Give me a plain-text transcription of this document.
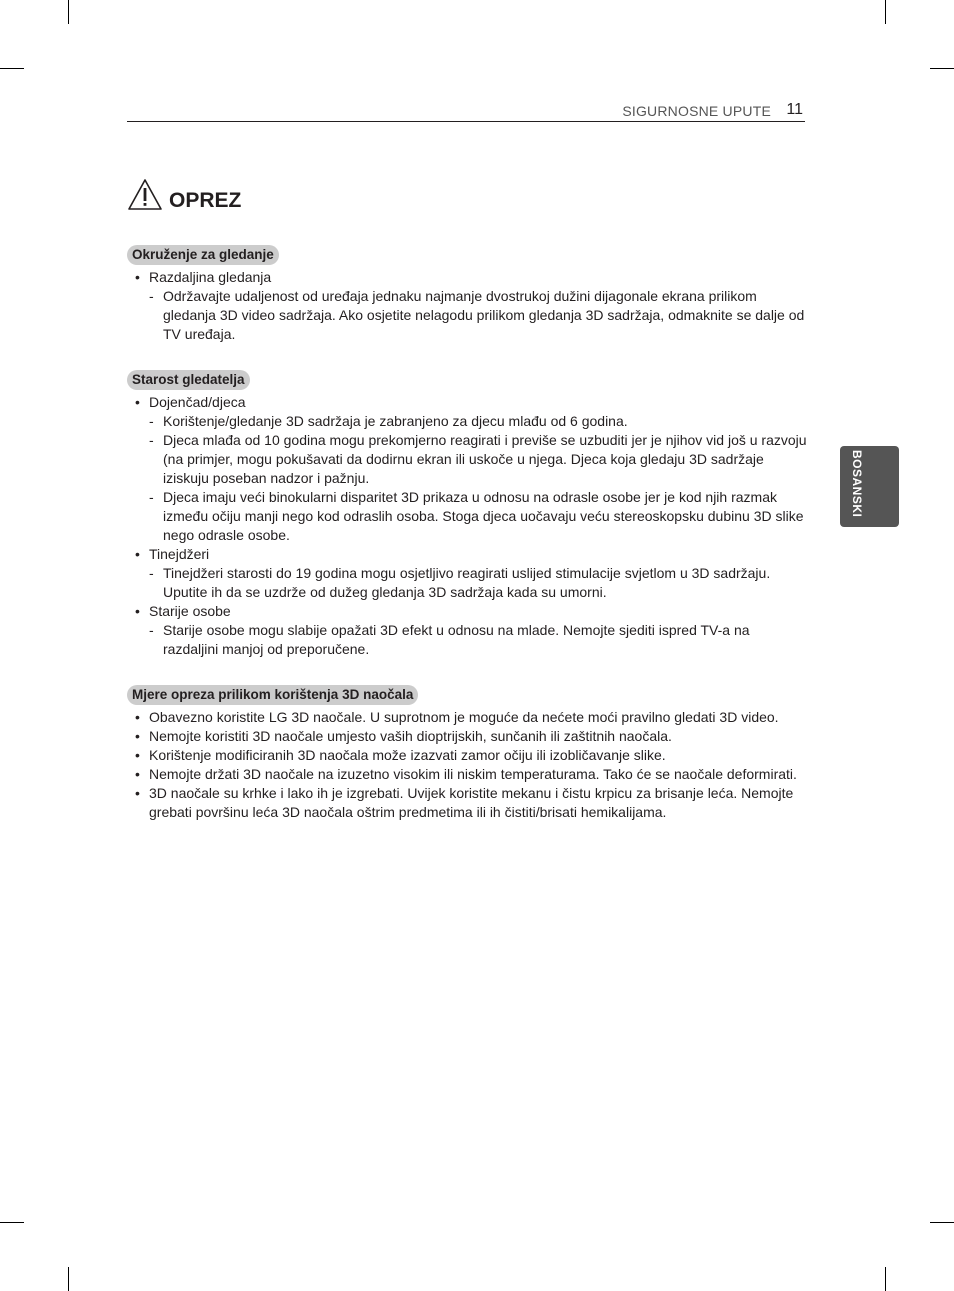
SIGURNOSNE UPUTE 11
OPREZ
BOSANSKI
Okruženje za gledanje
• Razdaljina gledanja
- Održavajte udaljenost od uređaja jednaku najmanje dvostrukoj dužini dijagonale ekrana prilikom gledanja 3D video sadržaja. Ako osjetite nelagodu prilikom gledanja 3D sadržaja, odmaknite se dalje od TV uređaja.
Starost gledatelja
• Dojenčad/djeca
- Korištenje/gledanje 3D sadržaja je zabranjeno za djecu mlađu od 6 godina.
- Djeca mlađa od 10 godina mogu prekomjerno reagirati i previše se uzbuditi jer je njihov vid još u razvoju (na primjer, mogu pokušavati da dodirnu ekran ili uskoče u njega. Djeca koja gledaju 3D sadržaje iziskuju poseban nadzor i pažnju.
- Djeca imaju veći binokularni disparitet 3D prikaza u odnosu na odrasle osobe jer je kod njih razmak između očiju manji nego kod odraslih osoba. Stoga djeca uočavaju veću stereoskopsku dubinu 3D slike nego odrasle osobe.
• Tinejdžeri
- Tinejdžeri starosti do 19 godina mogu osjetljivo reagirati uslijed stimulacije svjetlom u 3D sadržaju. Uputite ih da se uzdrže od dužeg gledanja 3D sadržaja kada su umorni.
• Starije osobe
- Starije osobe mogu slabije opažati 3D efekt u odnosu na mlade. Nemojte sjediti ispred TV-a na razdaljini manjoj od preporučene.
Mjere opreza prilikom korištenja 3D naočala
• Obavezno koristite LG 3D naočale. U suprotnom je moguće da nećete moći pravilno gledati 3D video.
• Nemojte koristiti 3D naočale umjesto vaših dioptrijskih, sunčanih ili zaštitnih naočala.
• Korištenje modificiranih 3D naočala može izazvati zamor očiju ili izobličavanje slike.
• Nemojte držati 3D naočale na izuzetno visokim ili niskim temperaturama. Tako će se naočale deformirati.
• 3D naočale su krhke i lako ih je izgrebati. Uvijek koristite mekanu i čistu krpicu za brisanje leća. Nemojte grebati površinu leća 3D naočala oštrim predmetima ili ih čistiti/brisati hemikalijama.
